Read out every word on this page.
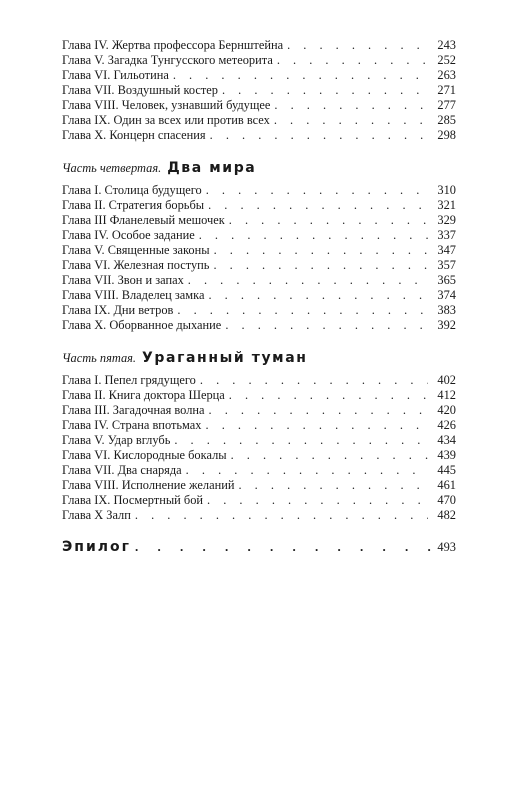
Глава IV. Жертва профессора Бернштейна . . .	243
Глава V. Загадка Тунгусского метеорита . . .	252
Глава VI. Гильотина . . .	263
Глава VII. Воздушный костер . . .	271
Глава VIII. Человек, узнавший будущее . . .	277
Глава IX. Один за всех или против всех . . .	285
Глава X. Концерн спасения . . .	298
Часть четвертая. Два мира
Глава I. Столица будущего . . .	310
Глава II. Стратегия борьбы . . .	321
Глава III Фланелевый мешочек . . .	329
Глава IV. Особое задание . . .	337
Глава V. Священные законы . . .	347
Глава VI. Железная поступь . . .	357
Глава VII. Звон и запах . . .	365
Глава VIII. Владелец замка . . .	374
Глава IX. Дни ветров . . .	383
Глава X. Оборванное дыхание . . .	392
Часть пятая. Ураганный туман
Глава I. Пепел грядущего . . .	402
Глава II. Книга доктора Шерца . . .	412
Глава III. Загадочная волна . . .	420
Глава IV. Страна впотьмах . . .	426
Глава V. Удар вглубь . . .	434
Глава VI. Кислородные бокалы . . .	439
Глава VII. Два снаряда . . .	445
Глава VIII. Исполнение желаний . . .	461
Глава IX. Посмертный бой . . .	470
Глава X Залп . . .	482
Эпилог . . .	493
